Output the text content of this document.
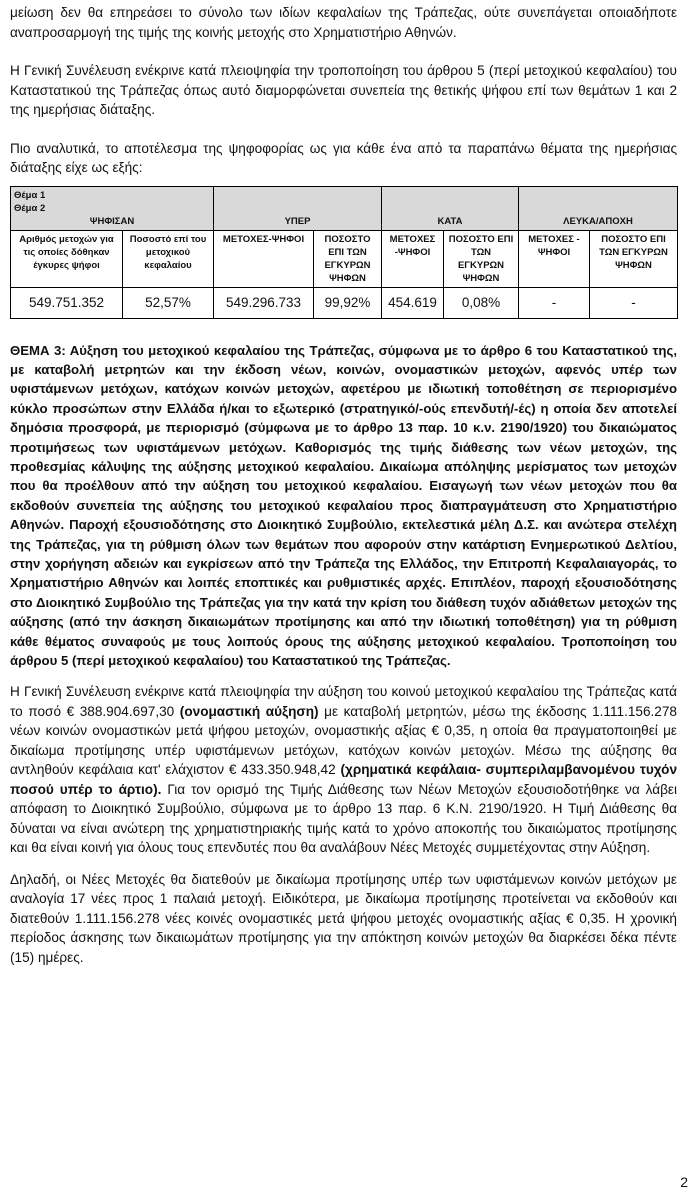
μείωση δεν θα επηρεάσει το σύνολο των ιδίων κεφαλαίων της Τράπεζας, ούτε συνεπάγεται οποιαδήποτε αναπροσαρμογή της τιμής της κοινής μετοχής στο Χρηματιστήριο Αθηνών.

Η Γενική Συνέλευση ενέκρινε κατά πλειοψηφία την τροποποίηση του άρθρου 5 (περί μετοχικού κεφαλαίου) του Καταστατικού της Τράπεζας όπως αυτό διαμορφώνεται συνεπεία της θετικής ψήφου επί των θεμάτων 1 και 2 της ημερήσιας διάταξης.

Πιο αναλυτικά, το αποτέλεσμα της ψηφοφορίας ως για κάθε ένα από τα παραπάνω θέματα της ημερήσιας διάταξης είχε ως εξής:

Θέμα 1
Θέμα 2
ΨΗΦΙΣΑΝ		ΥΠΕΡ		ΚΑΤΑ		ΛΕΥΚΑ/ΑΠΟΧΗ	
Αριθμός μετοχών για τις οποίες δόθηκαν έγκυρες ψήφοι	Ποσοστό επί του μετοχικού κεφαλαίου	ΜΕΤΟΧΕΣ-ΨΗΦΟΙ	ΠΟΣΟΣΤΟ ΕΠΙ ΤΩΝ ΕΓΚΥΡΩΝ ΨΗΦΩΝ	ΜΕΤΟΧΕΣ -ΨΗΦΟΙ	ΠΟΣΟΣΤΟ ΕΠΙ ΤΩΝ ΕΓΚΥΡΩΝ ΨΗΦΩΝ	ΜΕΤΟΧΕΣ - ΨΗΦΟΙ	ΠΟΣΟΣΤΟ ΕΠΙ ΤΩΝ ΕΓΚΥΡΩΝ ΨΗΦΩΝ
549.751.352	52,57%	549.296.733	99,92%	454.619	0,08%	-	-

ΘΕΜΑ 3: Αύξηση του μετοχικού κεφαλαίου της Τράπεζας, σύμφωνα με το άρθρο 6 του Καταστατικού της, με καταβολή μετρητών και την έκδοση νέων, κοινών, ονομαστικών μετοχών, αφενός υπέρ των υφιστάμενων μετόχων, κατόχων κοινών μετοχών, αφετέρου με ιδιωτική τοποθέτηση σε περιορισμένο κύκλο προσώπων στην Ελλάδα ή/και το εξωτερικό (στρατηγικό/-ούς επενδυτή/-ές) η οποία δεν αποτελεί δημόσια προσφορά, με περιορισμό (σύμφωνα με το άρθρο 13 παρ. 10 κ.ν. 2190/1920) του δικαιώματος προτιμήσεως των υφιστάμενων μετόχων. Καθορισμός της τιμής διάθεσης των νέων μετοχών, της προθεσμίας κάλυψης της αύξησης μετοχικού κεφαλαίου. Δικαίωμα απόληψης μερίσματος των μετοχών που θα προέλθουν από την αύξηση του μετοχικού κεφαλαίου. Εισαγωγή των νέων μετοχών που θα εκδοθούν συνεπεία της αύξησης του μετοχικού κεφαλαίου προς διαπραγμάτευση στο Χρηματιστήριο Αθηνών. Παροχή εξουσιοδότησης στο Διοικητικό Συμβούλιο, εκτελεστικά μέλη Δ.Σ. και ανώτερα στελέχη της Τράπεζας, για τη ρύθμιση όλων των θεμάτων που αφορούν στην κατάρτιση Ενημερωτικού Δελτίου, στην χορήγηση αδειών και εγκρίσεων από την Τράπεζα της Ελλάδος, την Επιτροπή Κεφαλαιαγοράς, το Χρηματιστήριο Αθηνών και λοιπές εποπτικές και ρυθμιστικές αρχές. Επιπλέον, παροχή εξουσιοδότησης στο Διοικητικό Συμβούλιο της Τράπεζας για την κατά την κρίση του διάθεση τυχόν αδιάθετων μετοχών της αύξησης (από την άσκηση δικαιωμάτων προτίμησης και από την ιδιωτική τοποθέτηση) για τη ρύθμιση κάθε θέματος συναφούς με τους λοιπούς όρους της αύξησης μετοχικού κεφαλαίου. Τροποποίηση του άρθρου 5 (περί μετοχικού κεφαλαίου) του Καταστατικού της Τράπεζας.

Η Γενική Συνέλευση ενέκρινε κατά πλειοψηφία την αύξηση του κοινού μετοχικού κεφαλαίου της Τράπεζας κατά το ποσό € 388.904.697,30 (ονομαστική αύξηση) με καταβολή μετρητών, μέσω της έκδοσης 1.111.156.278 νέων κοινών ονομαστικών μετά ψήφου μετοχών, ονομαστικής αξίας € 0,35, η οποία θα πραγματοποιηθεί με δικαίωμα προτίμησης υπέρ υφιστάμενων μετόχων, κατόχων κοινών μετοχών. Μέσω της αύξησης θα αντληθούν κεφάλαια κατ' ελάχιστον € 433.350.948,42 (χρηματικά κεφάλαια- συμπεριλαμβανομένου τυχόν ποσού υπέρ το άρτιο). Για τον ορισμό της Τιμής Διάθεσης των Νέων Μετοχών εξουσιοδοτήθηκε να λάβει απόφαση το Διοικητικό Συμβούλιο, σύμφωνα με το άρθρο 13 παρ. 6 Κ.Ν. 2190/1920. Η Τιμή Διάθεσης θα δύναται να είναι ανώτερη της χρηματιστηριακής τιμής κατά το χρόνο αποκοπής του δικαιώματος προτίμησης και θα είναι κοινή για όλους τους επενδυτές που θα αναλάβουν Νέες Μετοχές συμμετέχοντας στην Αύξηση.

Δηλαδή, οι Νέες Μετοχές θα διατεθούν με δικαίωμα προτίμησης υπέρ των υφιστάμενων κοινών μετόχων με αναλογία 17 νέες προς 1 παλαιά μετοχή. Ειδικότερα, με δικαίωμα προτίμησης προτείνεται να εκδοθούν και διατεθούν 1.111.156.278 νέες κοινές ονομαστικές μετά ψήφου μετοχές ονομαστικής αξίας € 0,35. Η χρονική περίοδος άσκησης των δικαιωμάτων προτίμησης για την απόκτηση κοινών μετοχών θα διαρκέσει δέκα πέντε (15) ημέρες.

2
